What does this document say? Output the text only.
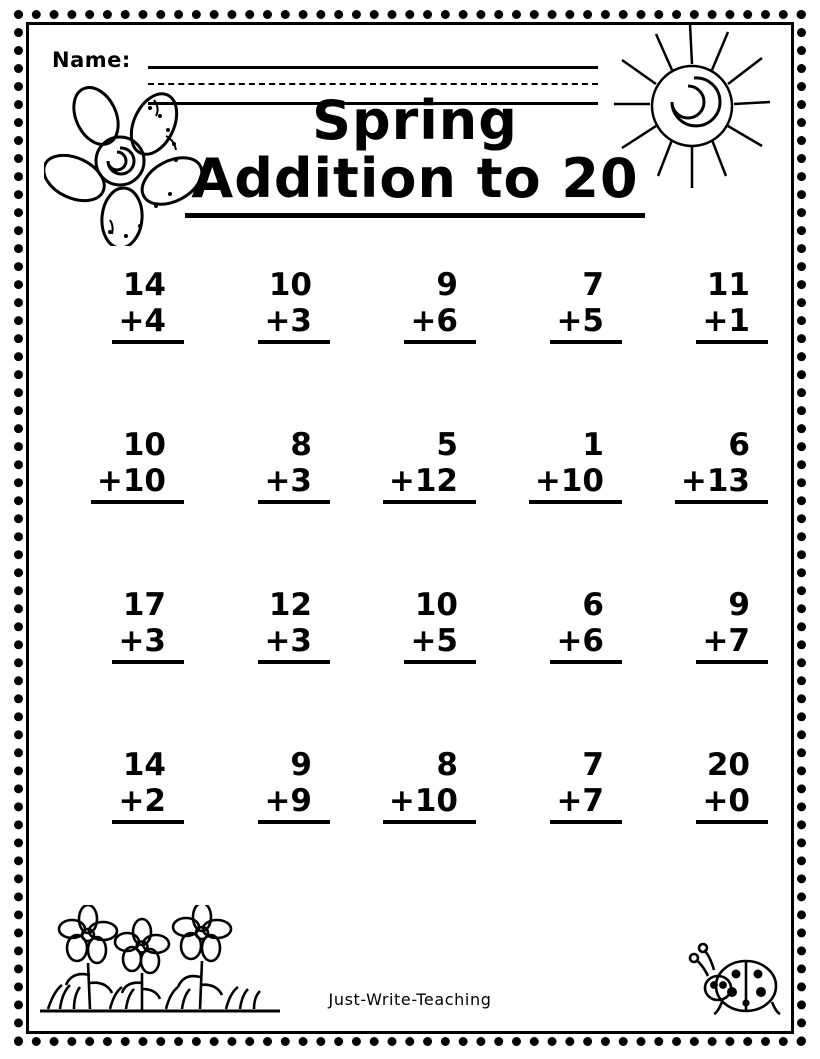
Name:
Spring
Addition to 20
14
+4
10
+3
9
+6
7
+5
11
+1
10
+10
8
+3
5
+12
1
+10
6
+13
17
+3
12
+3
10
+5
6
+6
9
+7
14
+2
9
+9
8
+10
7
+7
20
+0
Just-Write-Teaching
